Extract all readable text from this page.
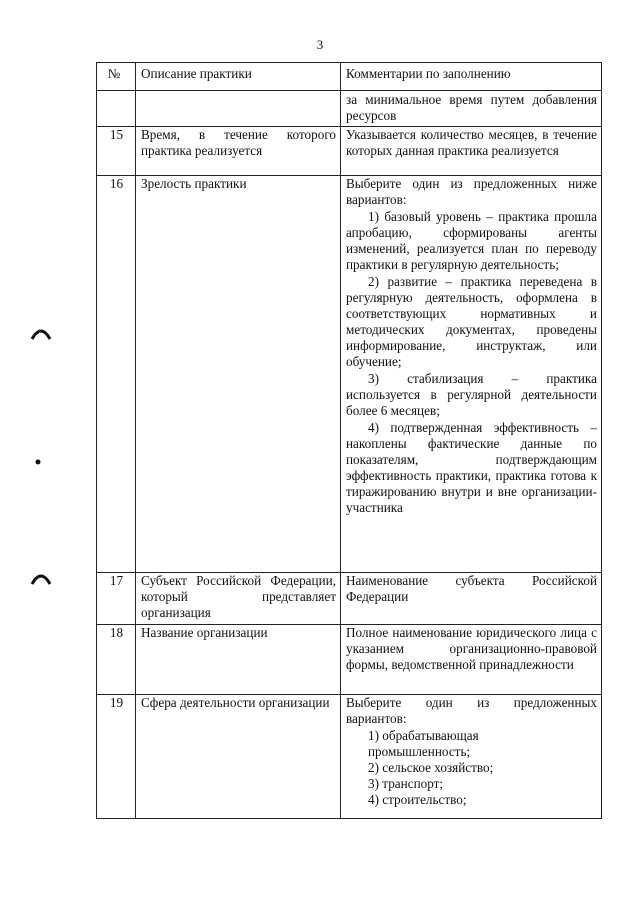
3
№	Описание практики	Комментарии по заполнению
		за минимальное время путем добавления ресурсов
15	Время, в течение которого практика реализуется	Указывается количество месяцев, в течение которых данная практика реализуется
16	Зрелость практики	Выберите один из предложенных ниже вариантов:
1) базовый уровень – практика прошла апробацию, сформированы агенты изменений, реализуется план по переводу практики в регулярную деятельность;
2) развитие – практика переведена в регулярную деятельность, оформлена в соответствующих нормативных и методических документах, проведены информирование, инструктаж, или обучение;
3) стабилизация – практика используется в регулярной деятельности более 6 месяцев;
4) подтвержденная эффективность – накоплены фактические данные по показателям, подтверждающим эффективность практики, практика готова к тиражированию внутри и вне организации-участника

17	Субъект Российской Федерации, который представляет организация	Наименование субъекта Российской Федерации
18	Название организации	Полное наименование юридического лица с указанием организационно-правовой формы, ведомственной принадлежности
19	Сфера деятельности организации	Выберите один из предложенных вариантов:
1) обрабатывающая промышленность;
2) сельское хозяйство;
3) транспорт;
4) строительство;
